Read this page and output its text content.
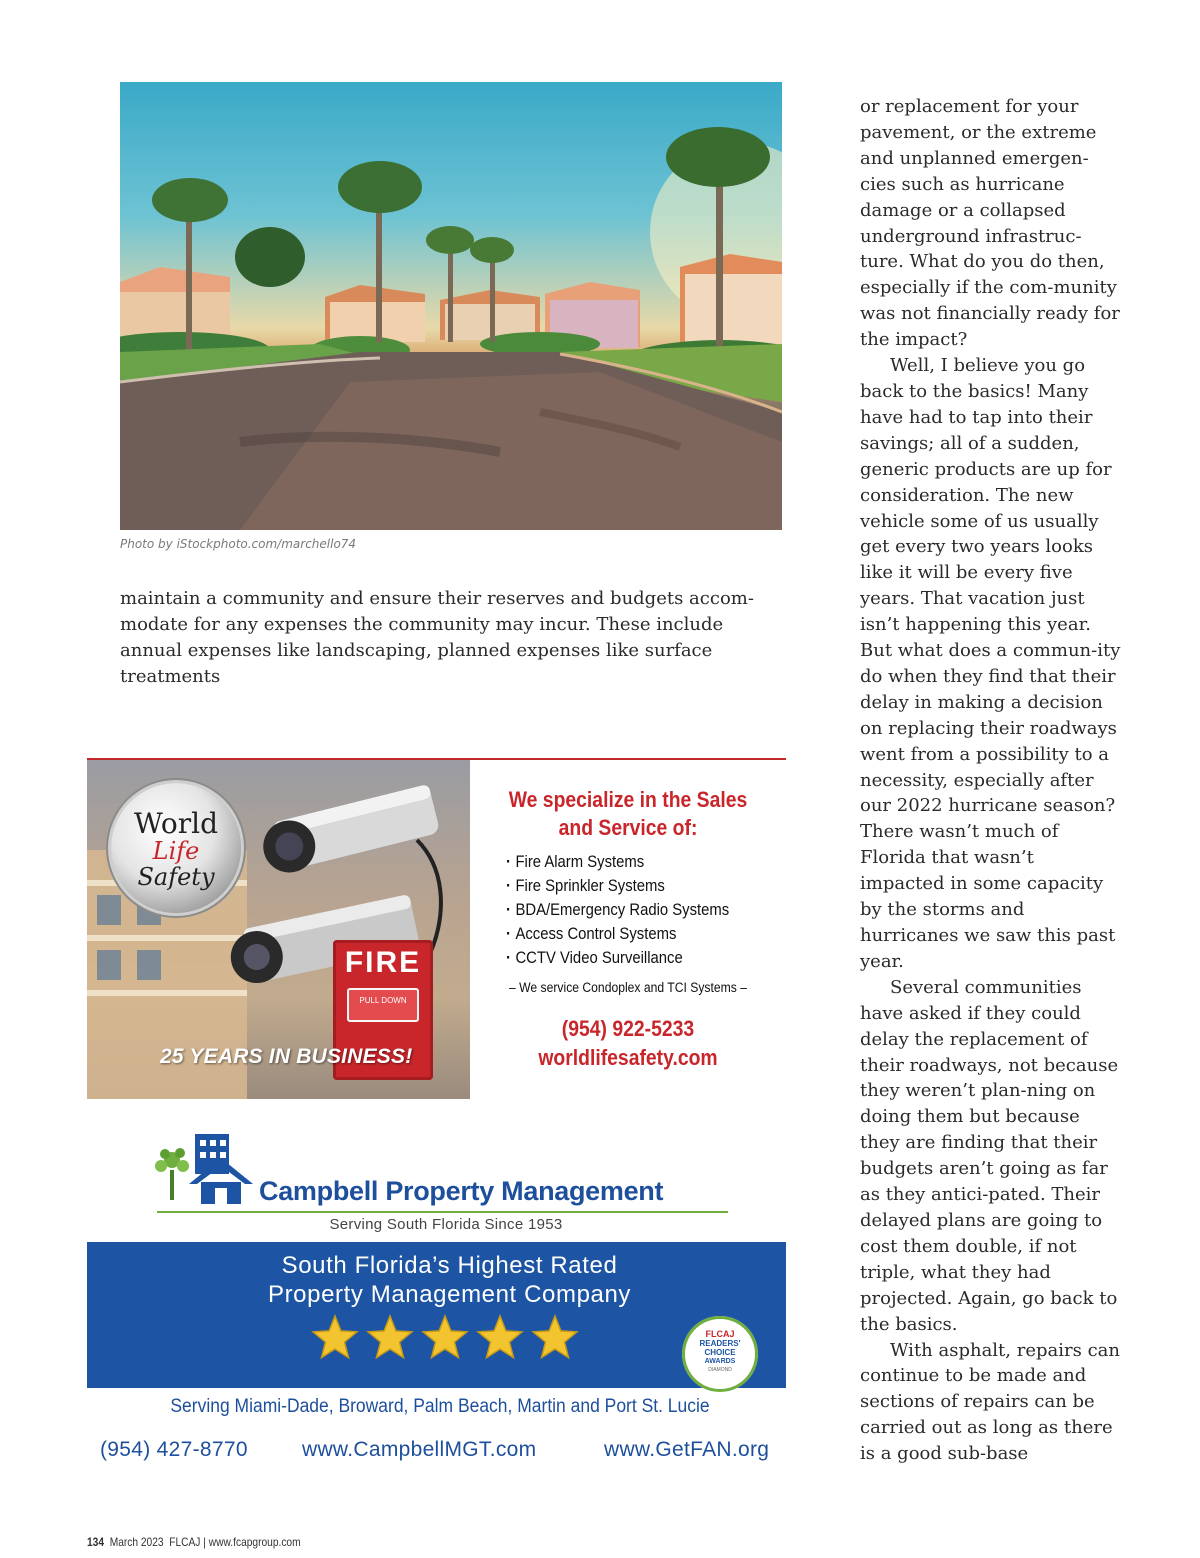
Photo by iStockphoto.com/marchello74

maintain a community and ensure their reserves and budgets accom-modate for any expenses the community may incur. These include annual expenses like landscaping, planned expenses like surface treatments

or replacement for your pavement, or the extreme and unplanned emergen-cies such as hurricane damage or a collapsed underground infrastruc-ture. What do you do then, especially if the com-munity was not financially ready for the impact?

Well, I believe you go back to the basics! Many have had to tap into their savings; all of a sudden, generic products are up for consideration. The new vehicle some of us usually get every two years looks like it will be every five years. That vacation just isn’t happening this year. But what does a commun-ity do when they find that their delay in making a decision on replacing their roadways went from a possibility to a necessity, especially after our 2022 hurricane season? There wasn’t much of Florida that wasn’t impacted in some capacity by the storms and hurricanes we saw this past year.

Several communities have asked if they could delay the replacement of their roadways, not because they weren’t plan-ning on doing them but because they are finding that their budgets aren’t going as far as they antici-pated. Their delayed plans are going to cost them double, if not triple, what they had projected. Again, go back to the basics.

With asphalt, repairs can continue to be made and sections of repairs can be carried out as long as there is a good sub-base

World
Life
Safety
FIRE
PULL DOWN
25 YEARS IN BUSINESS!
We specialize in the Sales
and Service of:
· Fire Alarm Systems
· Fire Sprinkler Systems
· BDA/Emergency Radio Systems
· Access Control Systems
· CCTV Video Surveillance
– We service Condoplex and TCI Systems –
(954) 922-5233
worldlifesafety.com
Campbell Property Management
Serving South Florida Since 1953
South Florida’s Highest Rated
Property Management Company
FLCAJ
READERS'
CHOICE
AWARDS
DIAMOND
Serving Miami-Dade, Broward, Palm Beach, Martin and Port St. Lucie
(954) 427-8770	www.CampbellMGT.com	www.GetFAN.org
134 March 2023 FLCAJ | www.fcapgroup.com
